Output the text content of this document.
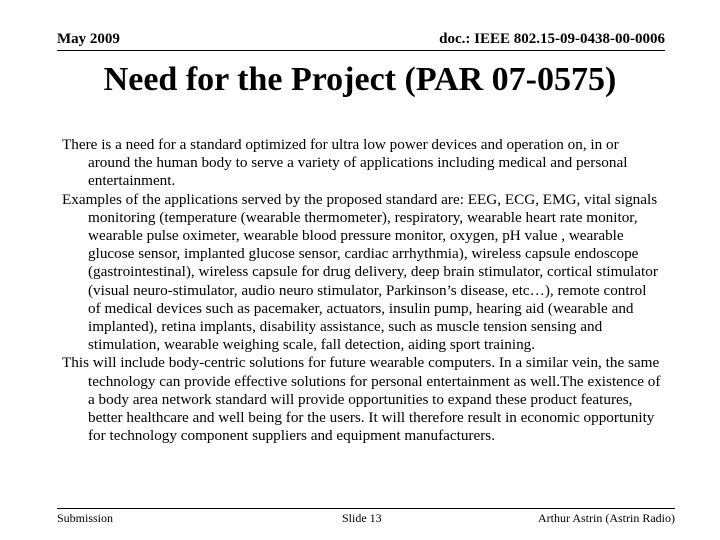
May 2009	doc.: IEEE 802.15-09-0438-00-0006
Need for the Project (PAR 07-0575)

There is a need for a standard optimized for ultra low power devices and operation on, in or around the human body to serve a variety of applications including medical and personal entertainment.

Examples of the applications served by the proposed standard are: EEG, ECG, EMG, vital signals monitoring (temperature (wearable thermometer), respiratory, wearable heart rate monitor, wearable pulse oximeter, wearable blood pressure monitor, oxygen, pH value , wearable glucose sensor, implanted glucose sensor, cardiac arrhythmia), wireless capsule endoscope (gastrointestinal), wireless capsule for drug delivery, deep brain stimulator, cortical stimulator (visual neuro-stimulator, audio neuro stimulator, Parkinson’s disease, etc…), remote control of medical devices such as pacemaker, actuators, insulin pump, hearing aid (wearable and implanted), retina implants, disability assistance, such as muscle tension sensing and stimulation, wearable weighing scale, fall detection, aiding sport training.

This will include body-centric solutions for future wearable computers. In a similar vein, the same technology can provide effective solutions for personal entertainment as well.The existence of a body area network standard will provide opportunities to expand these product features, better healthcare and well being for the users. It will therefore result in economic opportunity for technology component suppliers and equipment manufacturers.

Submission	Slide 13	Arthur Astrin (Astrin Radio)
